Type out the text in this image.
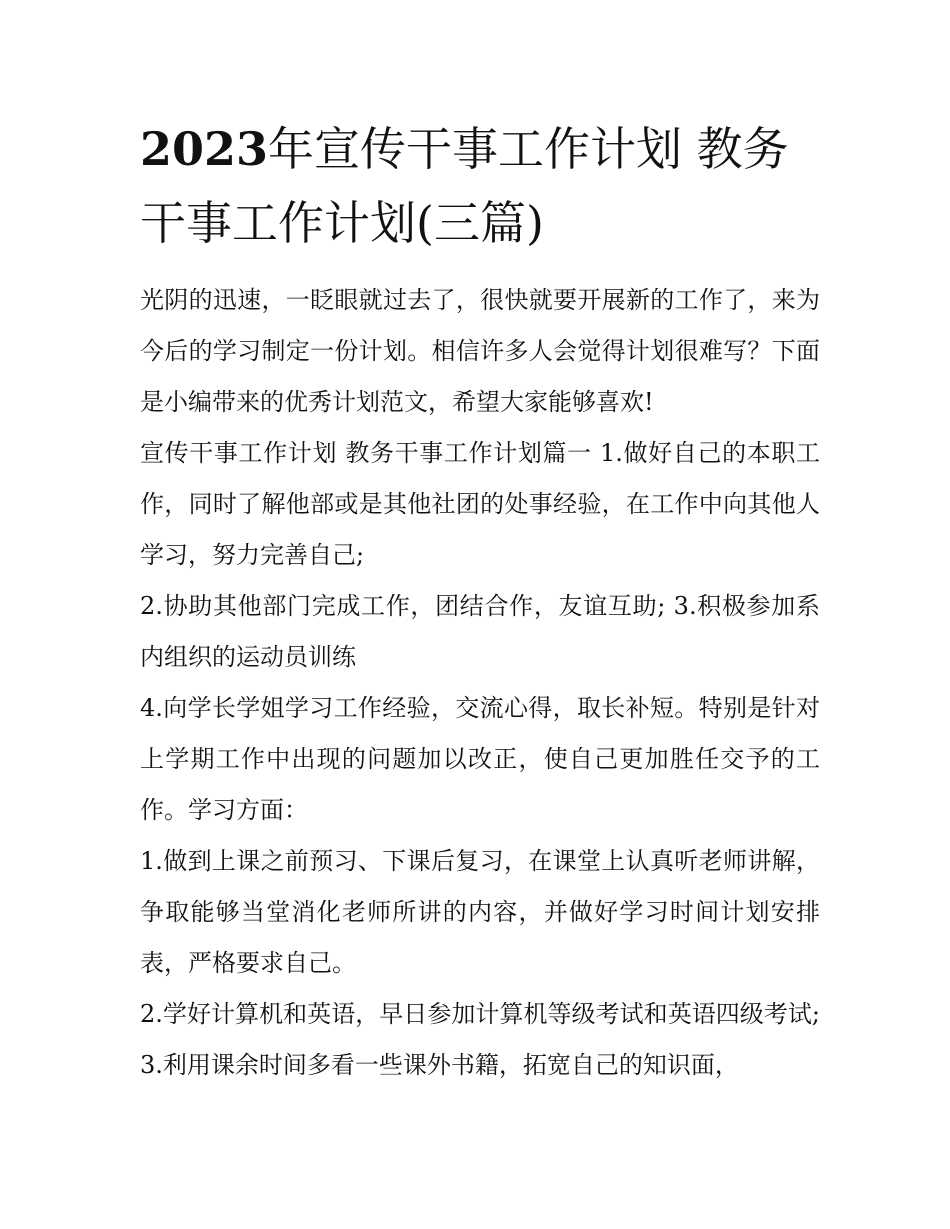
2023年宣传干事工作计划 教务干事工作计划(三篇)

光阴的迅速，一眨眼就过去了，很快就要开展新的工作了，来为今后的学习制定一份计划。相信许多人会觉得计划很难写？下面是小编带来的优秀计划范文，希望大家能够喜欢!

宣传干事工作计划 教务干事工作计划篇一 1.做好自己的本职工作，同时了解他部或是其他社团的处事经验，在工作中向其他人学习，努力完善自己;

2.协助其他部门完成工作，团结合作，友谊互助; 3.积极参加系内组织的运动员训练

4.向学长学姐学习工作经验，交流心得，取长补短。特别是针对上学期工作中出现的问题加以改正，使自己更加胜任交予的工作。学习方面：

1.做到上课之前预习、下课后复习，在课堂上认真听老师讲解，争取能够当堂消化老师所讲的内容，并做好学习时间计划安排表，严格要求自己。

2.学好计算机和英语，早日参加计算机等级考试和英语四级考试; 3.利用课余时间多看一些课外书籍，拓宽自己的知识面，
